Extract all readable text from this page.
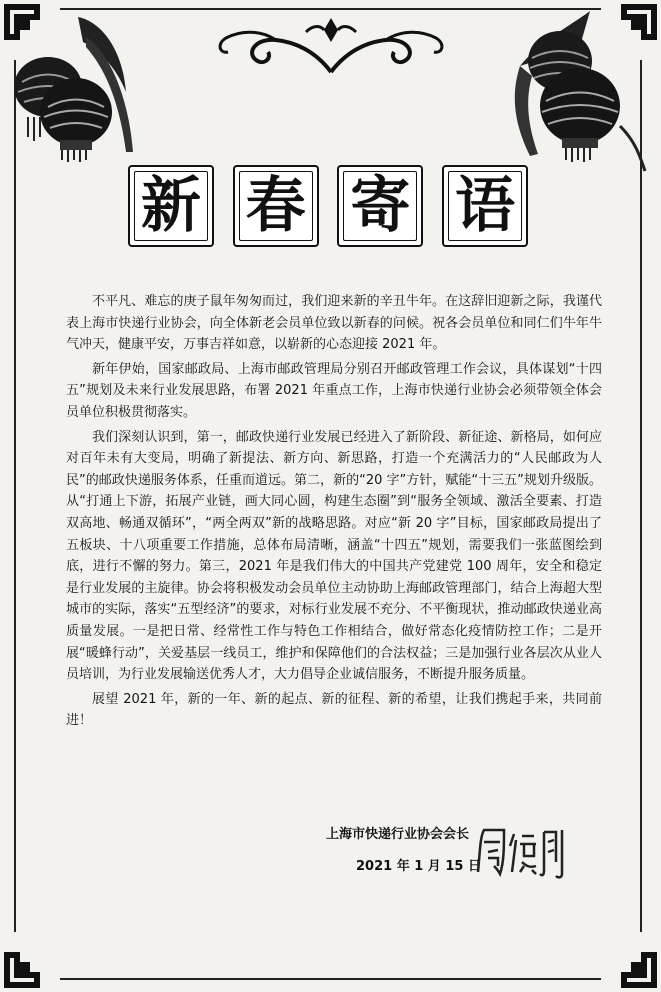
新 春 寄 语

不平凡、难忘的庚子鼠年匆匆而过，我们迎来新的辛丑牛年。在这辞旧迎新之际，我谨代表上海市快递行业协会，向全体新老会员单位致以新春的问候。祝各会员单位和同仁们牛年牛气冲天，健康平安，万事吉祥如意，以崭新的心态迎接 2021 年。

新年伊始，国家邮政局、上海市邮政管理局分别召开邮政管理工作会议，具体谋划“十四五”规划及未来行业发展思路，布署 2021 年重点工作，上海市快递行业协会必须带领全体会员单位积极贯彻落实。

我们深刻认识到，第一，邮政快递行业发展已经进入了新阶段、新征途、新格局，如何应对百年未有大变局，明确了新提法、新方向、新思路，打造一个充满活力的“人民邮政为人民”的邮政快递服务体系，任重而道远。第二，新的“20 字”方针，赋能“十三五”规划升级版。从“打通上下游，拓展产业链，画大同心圆，构建生态圈”到“服务全领域、激活全要素、打造双高地、畅通双循环”，“两全两双”新的战略思路。对应“新 20 字”目标，国家邮政局提出了五板块、十八项重要工作措施，总体布局清晰，涵盖“十四五”规划，需要我们一张蓝图绘到底，进行不懈的努力。第三，2021 年是我们伟大的中国共产党建党 100 周年，安全和稳定是行业发展的主旋律。协会将积极发动会员单位主动协助上海邮政管理部门，结合上海超大型城市的实际，落实“五型经济”的要求，对标行业发展不充分、不平衡现状，推动邮政快递业高质量发展。一是把日常、经常性工作与特色工作相结合，做好常态化疫情防控工作；二是开展“暖蜂行动”，关爱基层一线员工，维护和保障他们的合法权益；三是加强行业各层次从业人员培训，为行业发展输送优秀人才，大力倡导企业诚信服务，不断提升服务质量。

展望 2021 年，新的一年、新的起点、新的征程、新的希望，让我们携起手来，共同前进！

上海市快递行业协会会长
2021 年 1 月 15 日
